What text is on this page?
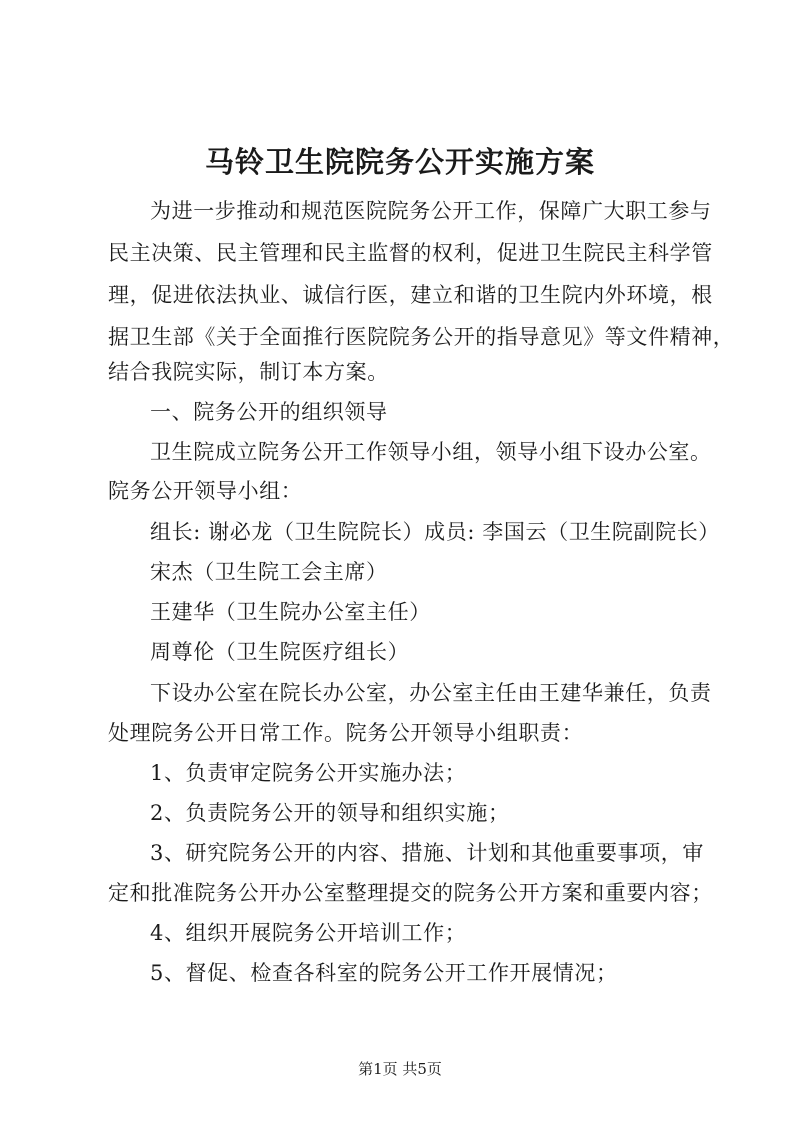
马铃卫生院院务公开实施方案
为进一步推动和规范医院院务公开工作，保障广大职工参与
民主决策、民主管理和民主监督的权利，促进卫生院民主科学管
理，促进依法执业、诚信行医，建立和谐的卫生院内外环境，根
据卫生部《关于全面推行医院院务公开的指导意见》等文件精神，
结合我院实际，制订本方案。
一、院务公开的组织领导
卫生院成立院务公开工作领导小组，领导小组下设办公室。
院务公开领导小组：
组长: 谢必龙（卫生院院长）成员: 李国云（卫生院副院长）
宋杰（卫生院工会主席）
王建华（卫生院办公室主任）
周尊伦（卫生院医疗组长）
下设办公室在院长办公室，办公室主任由王建华兼任，负责
处理院务公开日常工作。院务公开领导小组职责：
1、负责审定院务公开实施办法；
2、负责院务公开的领导和组织实施；
3、研究院务公开的内容、措施、计划和其他重要事项，审
定和批准院务公开办公室整理提交的院务公开方案和重要内容；
4、组织开展院务公开培训工作；
5、督促、检查各科室的院务公开工作开展情况；
第1页 共5页
